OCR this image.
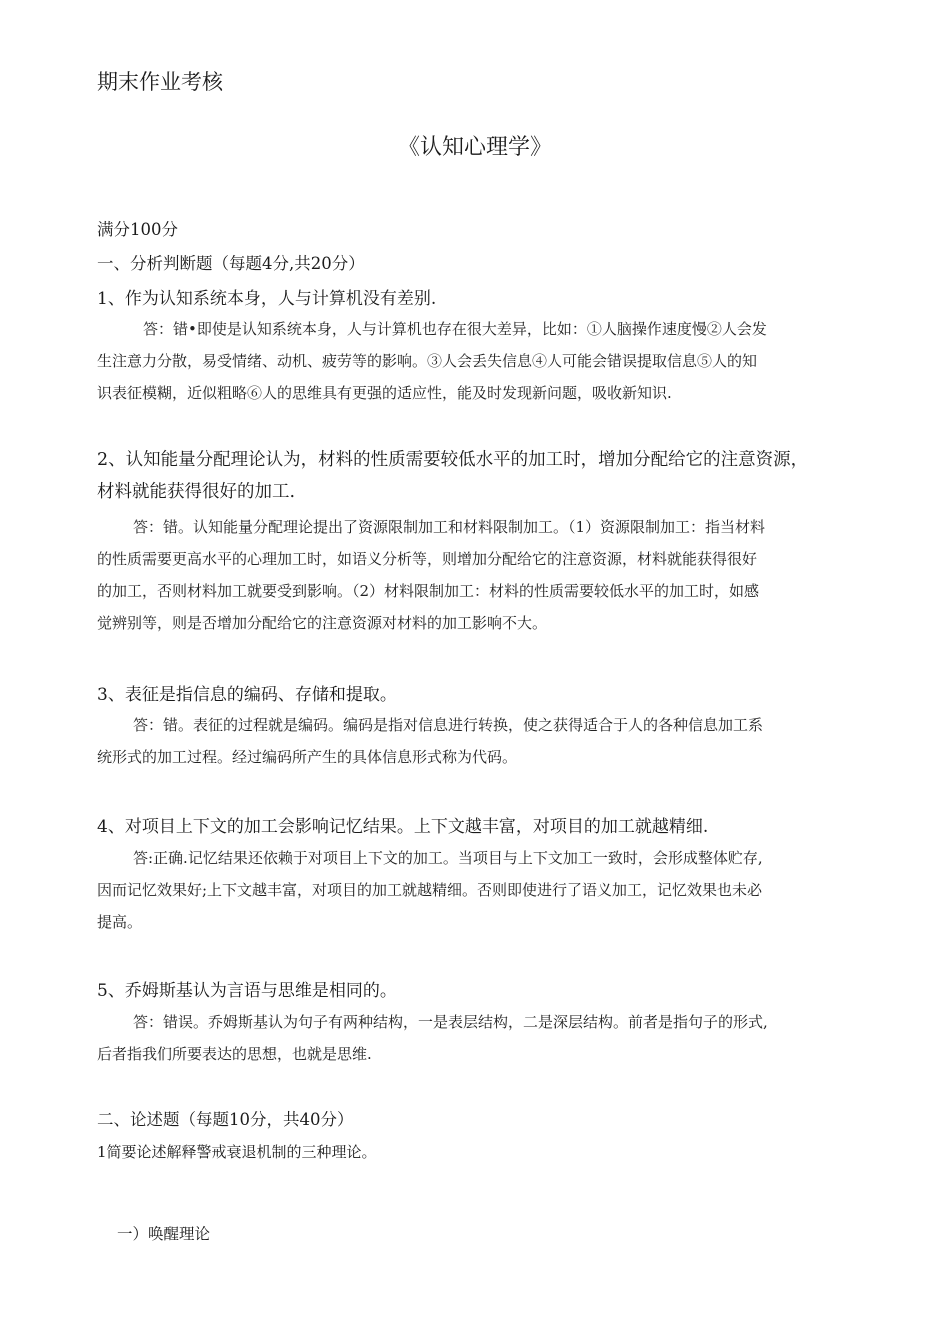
期末作业考核
《认知心理学》
满分100分
一、分析判断题（每题4分,共20分）
1、作为认知系统本身，人与计算机没有差别.

答：错•即使是认知系统本身，人与计算机也存在很大差异，比如：①人脑操作速度慢②人会发

生注意力分散，易受情绪、动机、疲劳等的影响。③人会丢失信息④人可能会错误提取信息⑤人的知

识表征模糊，近似粗略⑥人的思维具有更强的适应性，能及时发现新问题，吸收新知识.

2、认知能量分配理论认为，材料的性质需要较低水平的加工时，增加分配给它的注意资源，

材料就能获得很好的加工.

答：错。认知能量分配理论提出了资源限制加工和材料限制加工。（1）资源限制加工：指当材料

的性质需要更高水平的心理加工时，如语义分析等，则增加分配给它的注意资源，材料就能获得很好

的加工，否则材料加工就要受到影响。（2）材料限制加工：材料的性质需要较低水平的加工时，如感

觉辨别等，则是否增加分配给它的注意资源对材料的加工影响不大。

3、表征是指信息的编码、存储和提取。

答：错。表征的过程就是编码。编码是指对信息进行转换，使之获得适合于人的各种信息加工系

统形式的加工过程。经过编码所产生的具体信息形式称为代码。

4、对项目上下文的加工会影响记忆结果。上下文越丰富，对项目的加工就越精细.

答:正确.记忆结果还依赖于对项目上下文的加工。当项目与上下文加工一致时，会形成整体贮存,

因而记忆效果好;上下文越丰富，对项目的加工就越精细。否则即使进行了语义加工，记忆效果也未必

提高。

5、乔姆斯基认为言语与思维是相同的。

答：错误。乔姆斯基认为句子有两种结构，一是表层结构，二是深层结构。前者是指句子的形式,

后者指我们所要表达的思想，也就是思维.

二、论述题（每题10分，共40分）
1简要论述解释警戒衰退机制的三种理论。
一）唤醒理论
